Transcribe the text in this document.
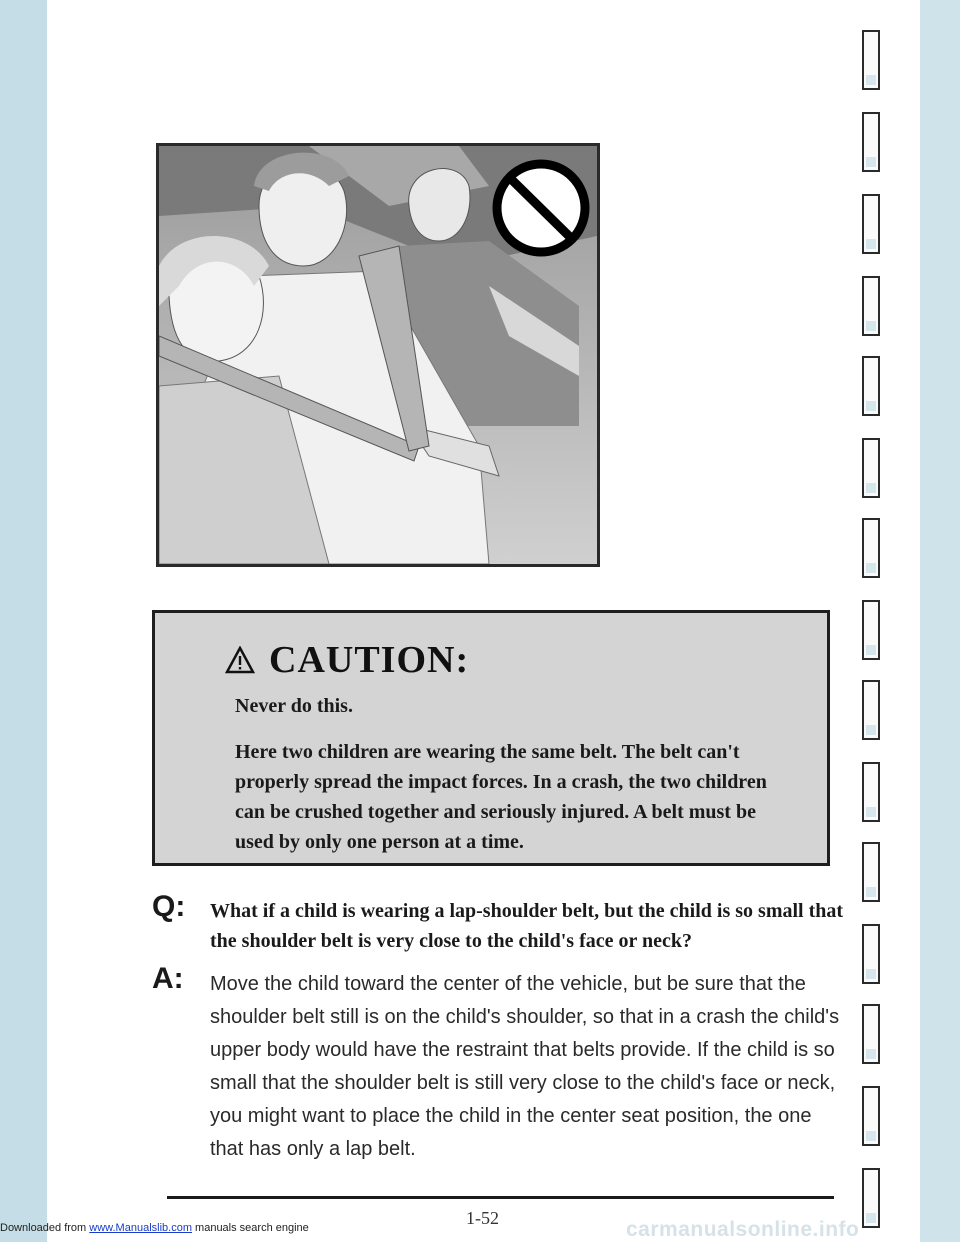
CAUTION:
Never do this.
Here two children are wearing the same belt. The belt can't properly spread the impact forces. In a crash, the two children can be crushed together and seriously injured. A belt must be used by only one person at a time.
Q: What if a child is wearing a lap-shoulder belt, but the child is so small that the shoulder belt is very close to the child's face or neck?
A: Move the child toward the center of the vehicle, but be sure that the shoulder belt still is on the child's shoulder, so that in a crash the child's upper body would have the restraint that belts provide. If the child is so small that the shoulder belt is still very close to the child's face or neck, you might want to place the child in the center seat position, the one that has only a lap belt.
1-52
Downloaded from www.Manualslib.com manuals search engine	carmanualsonline.info
